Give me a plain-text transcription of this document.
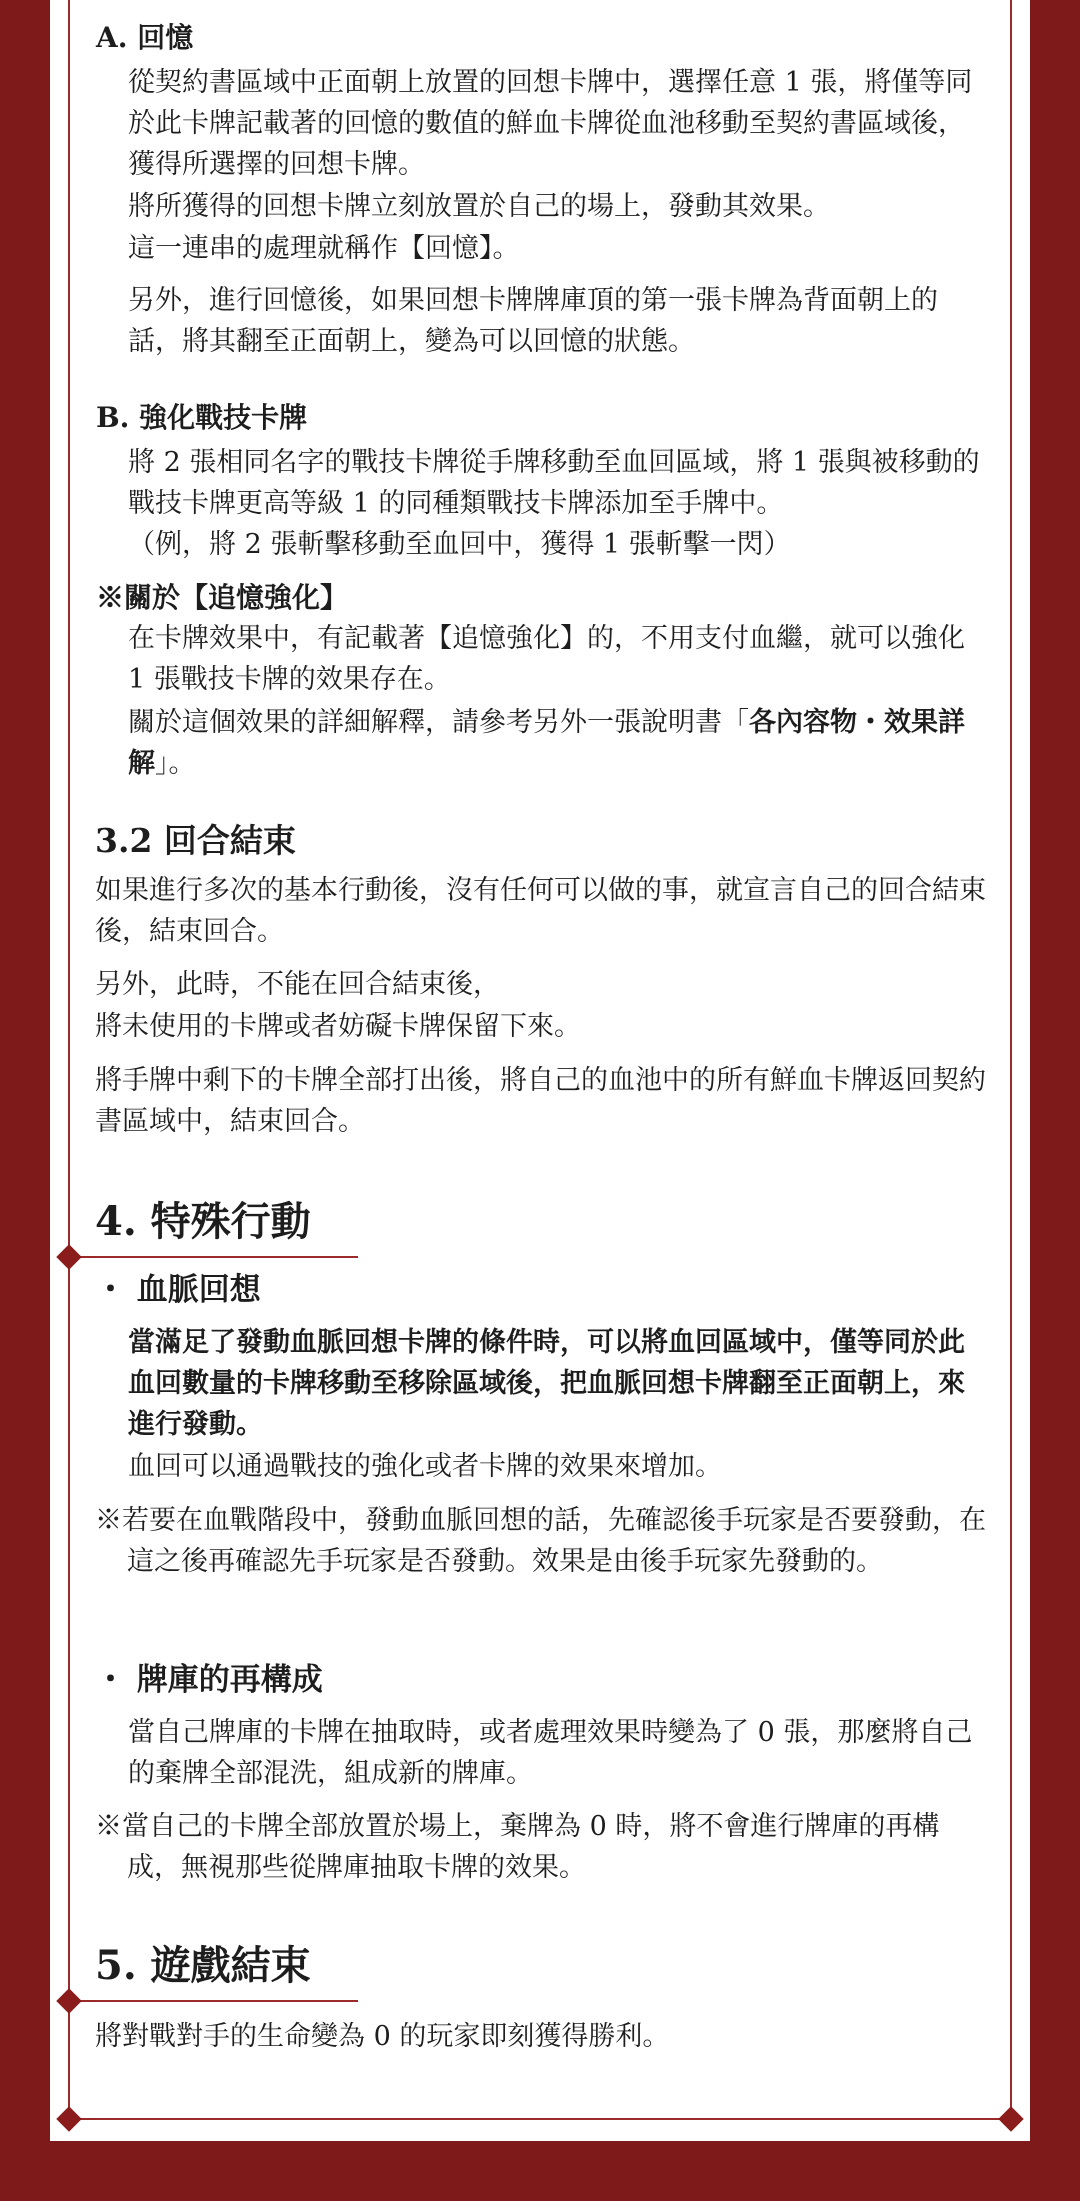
A. 回憶
從契約書區域中正面朝上放置的回想卡牌中，選擇任意 1 張，將僅等同於此卡牌記載著的回憶的數值的鮮血卡牌從血池移動至契約書區域後，獲得所選擇的回想卡牌。
將所獲得的回想卡牌立刻放置於自己的場上，發動其效果。
這一連串的處理就稱作【回憶】。
另外，進行回憶後，如果回想卡牌牌庫頂的第一張卡牌為背面朝上的話，將其翻至正面朝上，變為可以回憶的狀態。
B. 強化戰技卡牌
將 2 張相同名字的戰技卡牌從手牌移動至血回區域，將 1 張與被移動的戰技卡牌更高等級 1 的同種類戰技卡牌添加至手牌中。
（例，將 2 張斬擊移動至血回中，獲得 1 張斬擊一閃）
※關於【追憶強化】
在卡牌效果中，有記載著【追憶強化】的，不用支付血繼，就可以強化 1 張戰技卡牌的效果存在。
關於這個效果的詳細解釋，請參考另外一張說明書「各內容物・效果詳解」。
3.2 回合結束
如果進行多次的基本行動後，沒有任何可以做的事，就宣言自己的回合結束後，結束回合。
另外，此時，不能在回合結束後，
將未使用的卡牌或者妨礙卡牌保留下來。
將手牌中剩下的卡牌全部打出後，將自己的血池中的所有鮮血卡牌返回契約書區域中，結束回合。
4. 特殊行動
・ 血脈回想
當滿足了發動血脈回想卡牌的條件時，可以將血回區域中，僅等同於此血回數量的卡牌移動至移除區域後，把血脈回想卡牌翻至正面朝上，來進行發動。
血回可以通過戰技的強化或者卡牌的效果來增加。
※若要在血戰階段中，發動血脈回想的話，先確認後手玩家是否要發動，在這之後再確認先手玩家是否發動。效果是由後手玩家先發動的。
・ 牌庫的再構成
當自己牌庫的卡牌在抽取時，或者處理效果時變為了 0 張，那麼將自己的棄牌全部混洗，組成新的牌庫。
※當自己的卡牌全部放置於場上，棄牌為 0 時，將不會進行牌庫的再構成，無視那些從牌庫抽取卡牌的效果。
5. 遊戲結束
將對戰對手的生命變為 0 的玩家即刻獲得勝利。
